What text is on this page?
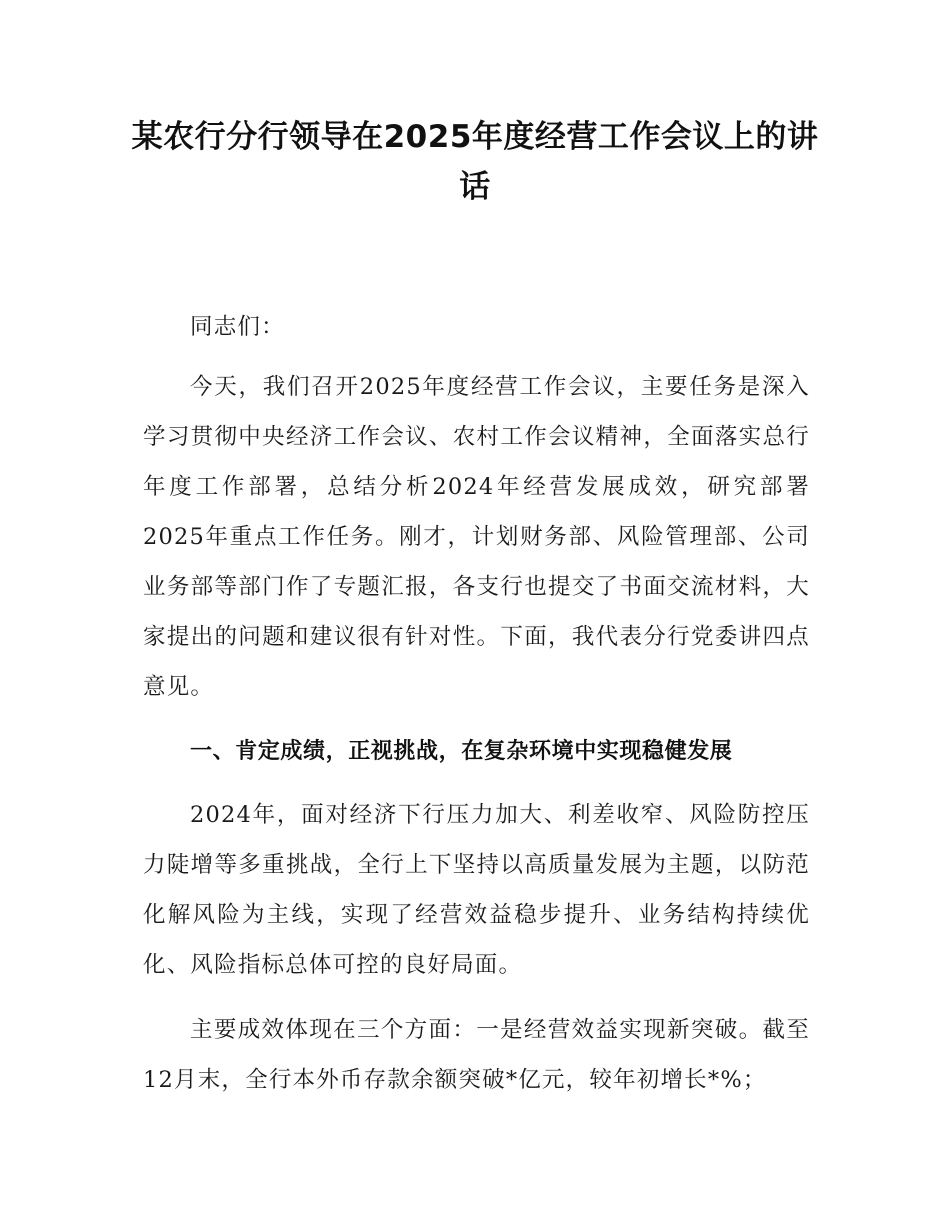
某农行分行领导在2025年度经营工作会议上的讲话

同志们：

今天，我们召开2025年度经营工作会议，主要任务是深入学习贯彻中央经济工作会议、农村工作会议精神，全面落实总行年度工作部署，总结分析2024年经营发展成效，研究部署2025年重点工作任务。刚才，计划财务部、风险管理部、公司业务部等部门作了专题汇报，各支行也提交了书面交流材料，大家提出的问题和建议很有针对性。下面，我代表分行党委讲四点意见。

一、肯定成绩，正视挑战，在复杂环境中实现稳健发展

2024年，面对经济下行压力加大、利差收窄、风险防控压力陡增等多重挑战，全行上下坚持以高质量发展为主题，以防范化解风险为主线，实现了经营效益稳步提升、业务结构持续优化、风险指标总体可控的良好局面。

主要成效体现在三个方面：一是经营效益实现新突破。截至12月末，全行本外币存款余额突破*亿元，较年初增长*%；
